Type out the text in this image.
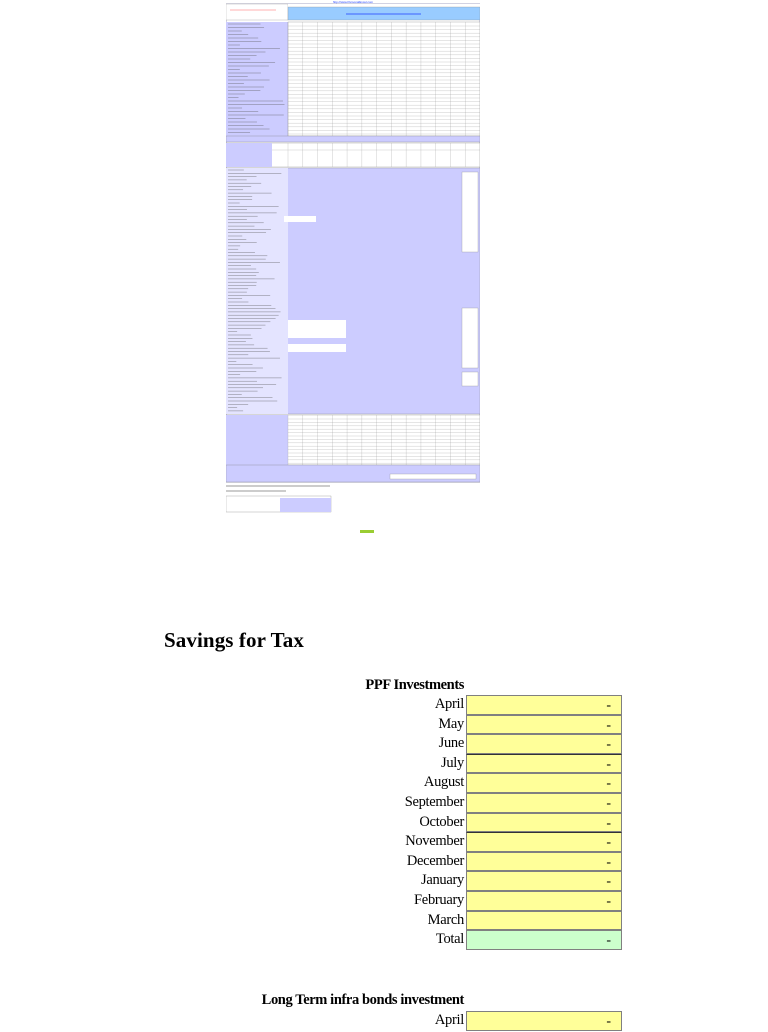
http://www.PersonalExcel.com
Savings for Tax
PPF Investments
April	-
May	-
June	-
July	-
August	-
September	-
October	-
November	-
December	-
January	-
February	-
March
Total	-
Long Term infra bonds investment
April	-
